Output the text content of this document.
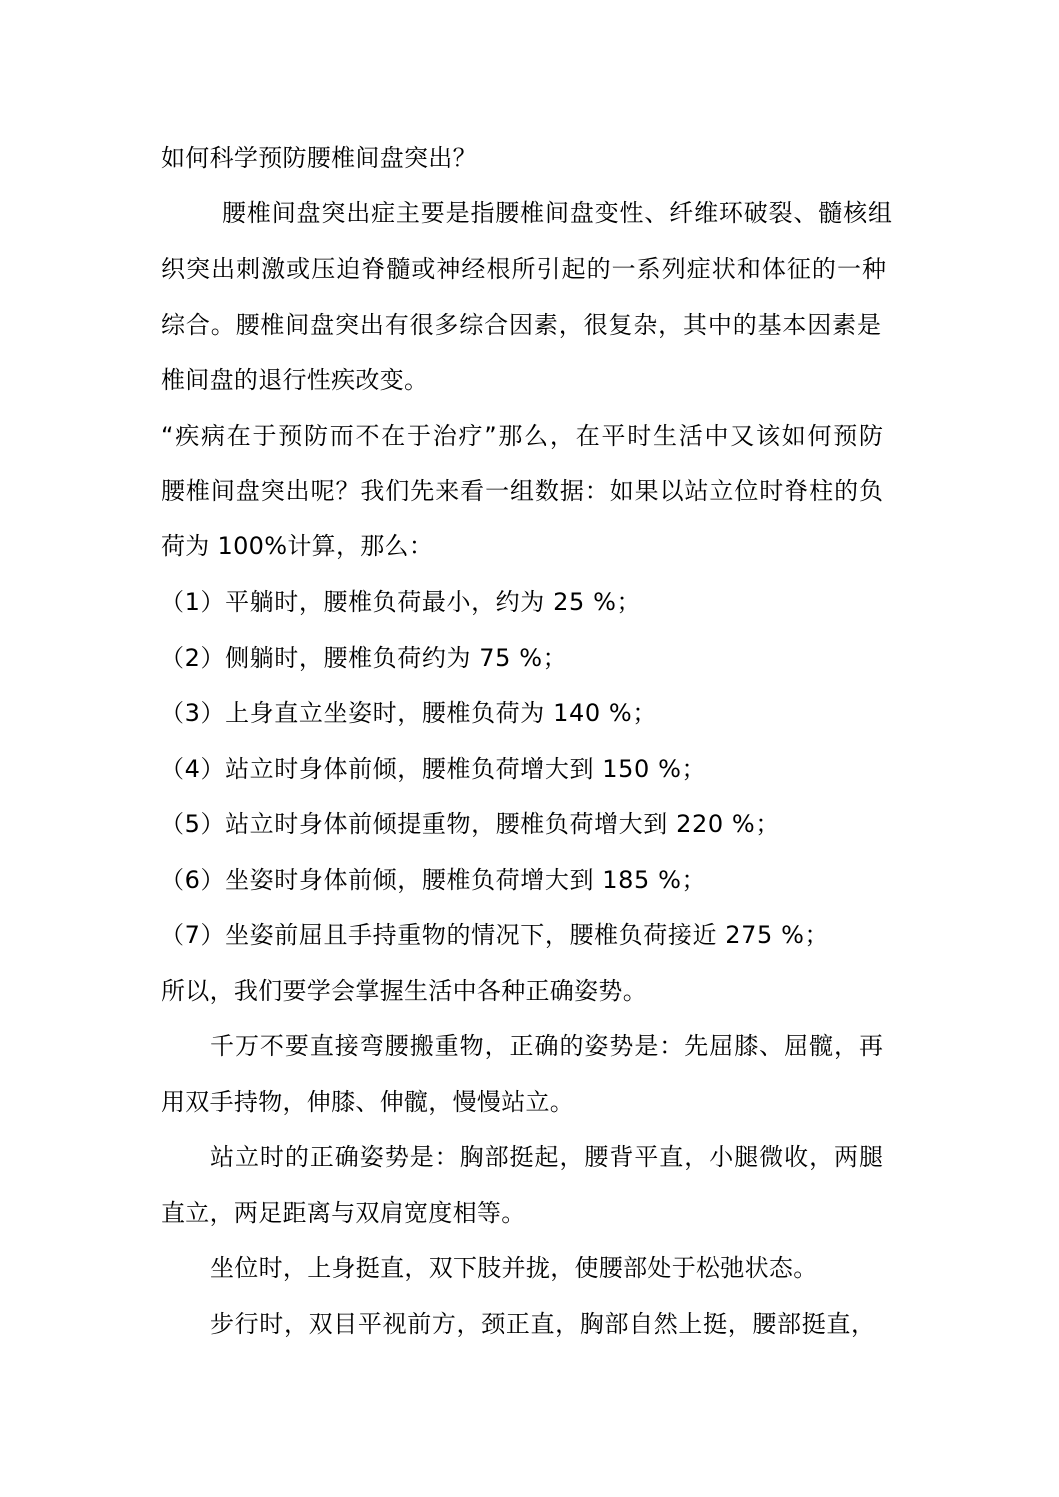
如何科学预防腰椎间盘突出？
腰椎间盘突出症主要是指腰椎间盘变性、纤维环破裂、髓核组
织突出刺激或压迫脊髓或神经根所引起的一系列症状和体征的一种
综合。腰椎间盘突出有很多综合因素，很复杂，其中的基本因素是
椎间盘的退行性疾改变。
“疾病在于预防而不在于治疗”那么，在平时生活中又该如何预防
腰椎间盘突出呢？我们先来看一组数据：如果以站立位时脊柱的负
荷为 100%计算，那么：
（1）平躺时，腰椎负荷最小，约为 25 %；
（2）侧躺时，腰椎负荷约为 75 %；
（3）上身直立坐姿时，腰椎负荷为 140 %；
（4）站立时身体前倾，腰椎负荷增大到 150 %；
（5）站立时身体前倾提重物，腰椎负荷增大到 220 %；
（6）坐姿时身体前倾，腰椎负荷增大到 185 %；
（7）坐姿前屈且手持重物的情况下，腰椎负荷接近 275 %；
所以，我们要学会掌握生活中各种正确姿势。
千万不要直接弯腰搬重物，正确的姿势是：先屈膝、屈髋，再
用双手持物，伸膝、伸髋，慢慢站立。
站立时的正确姿势是：胸部挺起，腰背平直，小腿微收，两腿
直立，两足距离与双肩宽度相等。
坐位时，上身挺直，双下肢并拢，使腰部处于松弛状态。
步行时，双目平视前方，颈正直，胸部自然上挺，腰部挺直，
